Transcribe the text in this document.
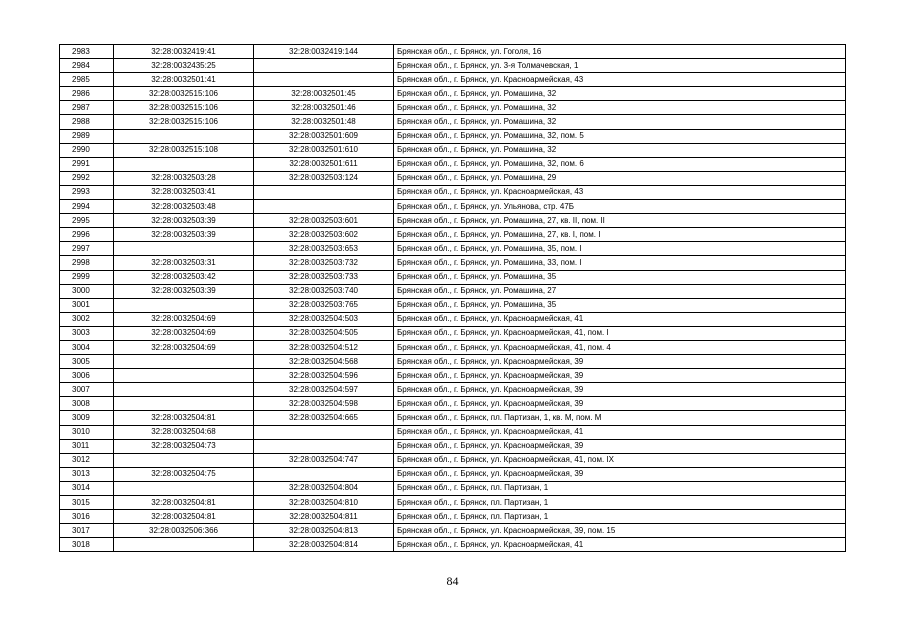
2983	32:28:0032419:41	32:28:0032419:144	Брянская обл., г. Брянск, ул. Гоголя, 16
2984	32:28:0032435:25		Брянская обл., г. Брянск, ул. 3-я Толмачевская, 1
2985	32:28:0032501:41		Брянская обл., г. Брянск, ул. Красноармейская, 43
2986	32:28:0032515:106	32:28:0032501:45	Брянская обл., г. Брянск, ул. Ромашина, 32
2987	32:28:0032515:106	32:28:0032501:46	Брянская обл., г. Брянск, ул. Ромашина, 32
2988	32:28:0032515:106	32:28:0032501:48	Брянская обл., г. Брянск, ул. Ромашина, 32
2989		32:28:0032501:609	Брянская обл., г. Брянск, ул. Ромашина, 32, пом. 5
2990	32:28:0032515:108	32:28:0032501:610	Брянская обл., г. Брянск, ул. Ромашина, 32
2991		32:28:0032501:611	Брянская обл., г. Брянск, ул. Ромашина, 32, пом. 6
2992	32:28:0032503:28	32:28:0032503:124	Брянская обл., г. Брянск, ул. Ромашина, 29
2993	32:28:0032503:41		Брянская обл., г. Брянск, ул. Красноармейская, 43
2994	32:28:0032503:48		Брянская обл., г. Брянск, ул. Ульянова, стр. 47Б
2995	32:28:0032503:39	32:28:0032503:601	Брянская обл., г. Брянск, ул. Ромашина, 27, кв. II, пом. II
2996	32:28:0032503:39	32:28:0032503:602	Брянская обл., г. Брянск, ул. Ромашина, 27, кв. I, пом. I
2997		32:28:0032503:653	Брянская обл., г. Брянск, ул. Ромашина, 35, пом. I
2998	32:28:0032503:31	32:28:0032503:732	Брянская обл., г. Брянск, ул. Ромашина, 33, пом. I
2999	32:28:0032503:42	32:28:0032503:733	Брянская обл., г. Брянск, ул. Ромашина, 35
3000	32:28:0032503:39	32:28:0032503:740	Брянская обл., г. Брянск, ул. Ромашина, 27
3001		32:28:0032503:765	Брянская обл., г. Брянск, ул. Ромашина, 35
3002	32:28:0032504:69	32:28:0032504:503	Брянская обл., г. Брянск, ул. Красноармейская, 41
3003	32:28:0032504:69	32:28:0032504:505	Брянская обл., г. Брянск, ул. Красноармейская, 41, пом. I
3004	32:28:0032504:69	32:28:0032504:512	Брянская обл., г. Брянск, ул. Красноармейская, 41, пом. 4
3005		32:28:0032504:568	Брянская обл., г. Брянск, ул. Красноармейская, 39
3006		32:28:0032504:596	Брянская обл., г. Брянск, ул. Красноармейская, 39
3007		32:28:0032504:597	Брянская обл., г. Брянск, ул. Красноармейская, 39
3008		32:28:0032504:598	Брянская обл., г. Брянск, ул. Красноармейская, 39
3009	32:28:0032504:81	32:28:0032504:665	Брянская обл., г. Брянск, пл. Партизан, 1, кв. М, пом. М
3010	32:28:0032504:68		Брянская обл., г. Брянск, ул. Красноармейская, 41
3011	32:28:0032504:73		Брянская обл., г. Брянск, ул. Красноармейская, 39
3012		32:28:0032504:747	Брянская обл., г. Брянск, ул. Красноармейская, 41, пом. IX
3013	32:28:0032504:75		Брянская обл., г. Брянск, ул. Красноармейская, 39
3014		32:28:0032504:804	Брянская обл., г. Брянск, пл. Партизан, 1
3015	32:28:0032504:81	32:28:0032504:810	Брянская обл., г. Брянск, пл. Партизан, 1
3016	32:28:0032504:81	32:28:0032504:811	Брянская обл., г. Брянск, пл. Партизан, 1
3017	32:28:0032506:366	32:28:0032504:813	Брянская обл., г. Брянск, ул. Красноармейская, 39, пом. 15
3018		32:28:0032504:814	Брянская обл., г. Брянск, ул. Красноармейская, 41
84
